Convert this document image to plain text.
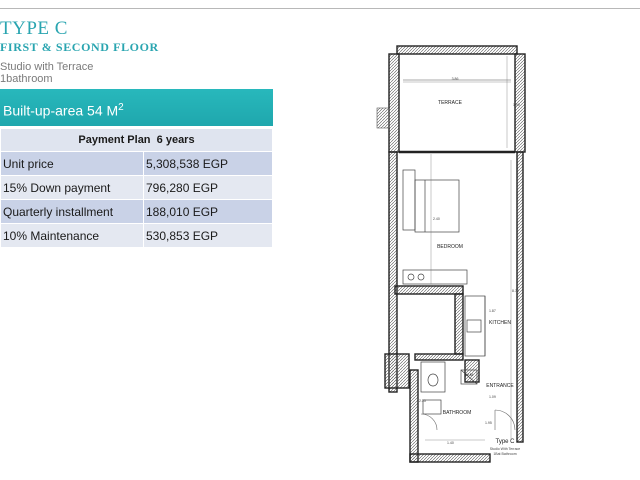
TYPE C
FIRST & SECOND FLOOR
Studio with Terrace
1bathroom
Built-up-area 54 $M^2$
Payment Plan 6 years	
Unit price	5,308,538 EGP
15% Down payment	796,280 EGP
Quarterly installment	188,010 EGP
10% Maintenance	530,853 EGP
TERRACE
BEDROOM
KITCHEN
ENTRANCE
BATHROOM
W.M
3.86
1.90
2.40
1.87
8.70
1.09
2.35
1.40
1.95
Type C
Studio With Terrace
1Bat Bathroom
